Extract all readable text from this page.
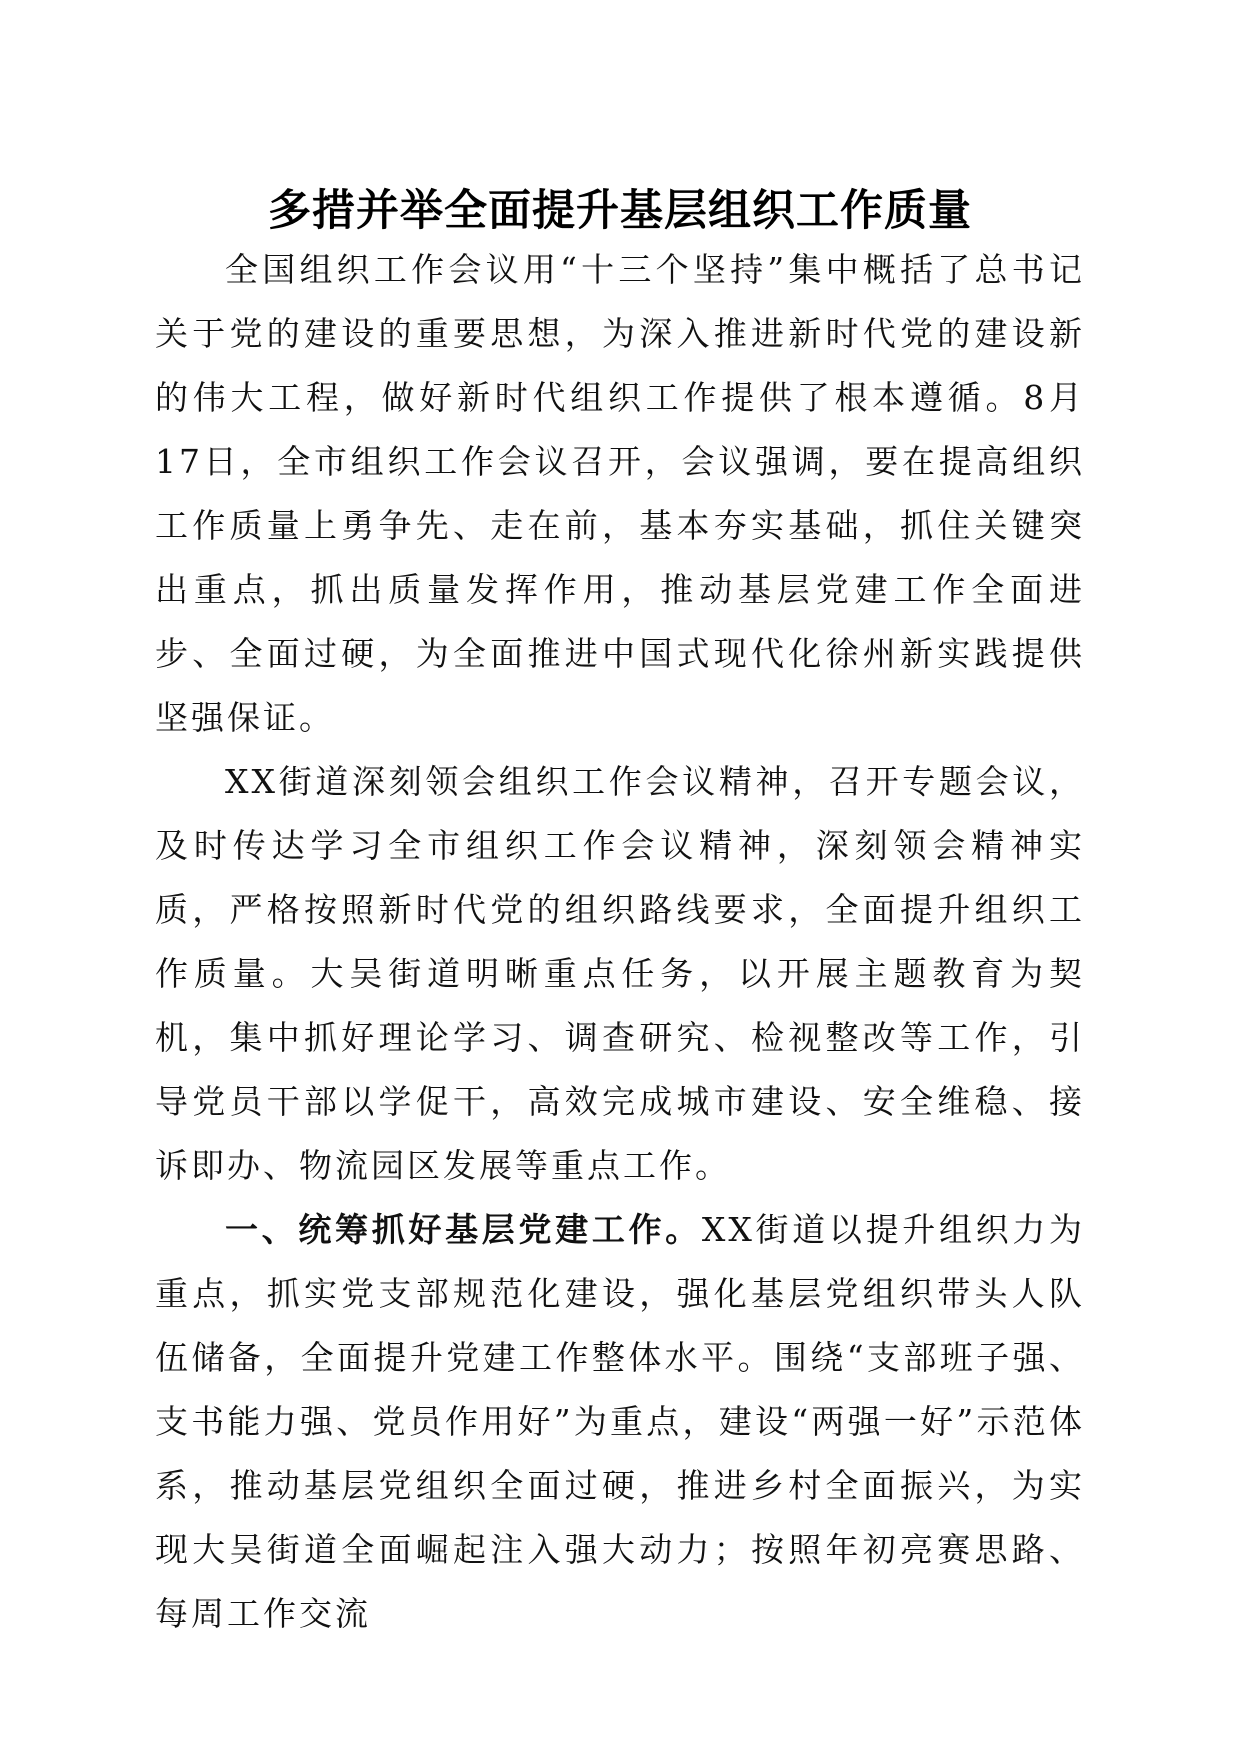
多措并举全面提升基层组织工作质量

全国组织工作会议用“十三个坚持”集中概括了总书记关于党的建设的重要思想，为深入推进新时代党的建设新的伟大工程，做好新时代组织工作提供了根本遵循。8月17日，全市组织工作会议召开，会议强调，要在提高组织工作质量上勇争先、走在前，基本夯实基础，抓住关键突出重点，抓出质量发挥作用，推动基层党建工作全面进步、全面过硬，为全面推进中国式现代化徐州新实践提供坚强保证。

XX街道深刻领会组织工作会议精神，召开专题会议，及时传达学习全市组织工作会议精神，深刻领会精神实质，严格按照新时代党的组织路线要求，全面提升组织工作质量。大吴街道明晰重点任务，以开展主题教育为契机，集中抓好理论学习、调查研究、检视整改等工作，引导党员干部以学促干，高效完成城市建设、安全维稳、接诉即办、物流园区发展等重点工作。

一、统筹抓好基层党建工作。XX街道以提升组织力为重点，抓实党支部规范化建设，强化基层党组织带头人队伍储备，全面提升党建工作整体水平。围绕“支部班子强、支书能力强、党员作用好”为重点，建设“两强一好”示范体系，推动基层党组织全面过硬，推进乡村全面振兴，为实现大吴街道全面崛起注入强大动力；按照年初亮赛思路、每周工作交流
